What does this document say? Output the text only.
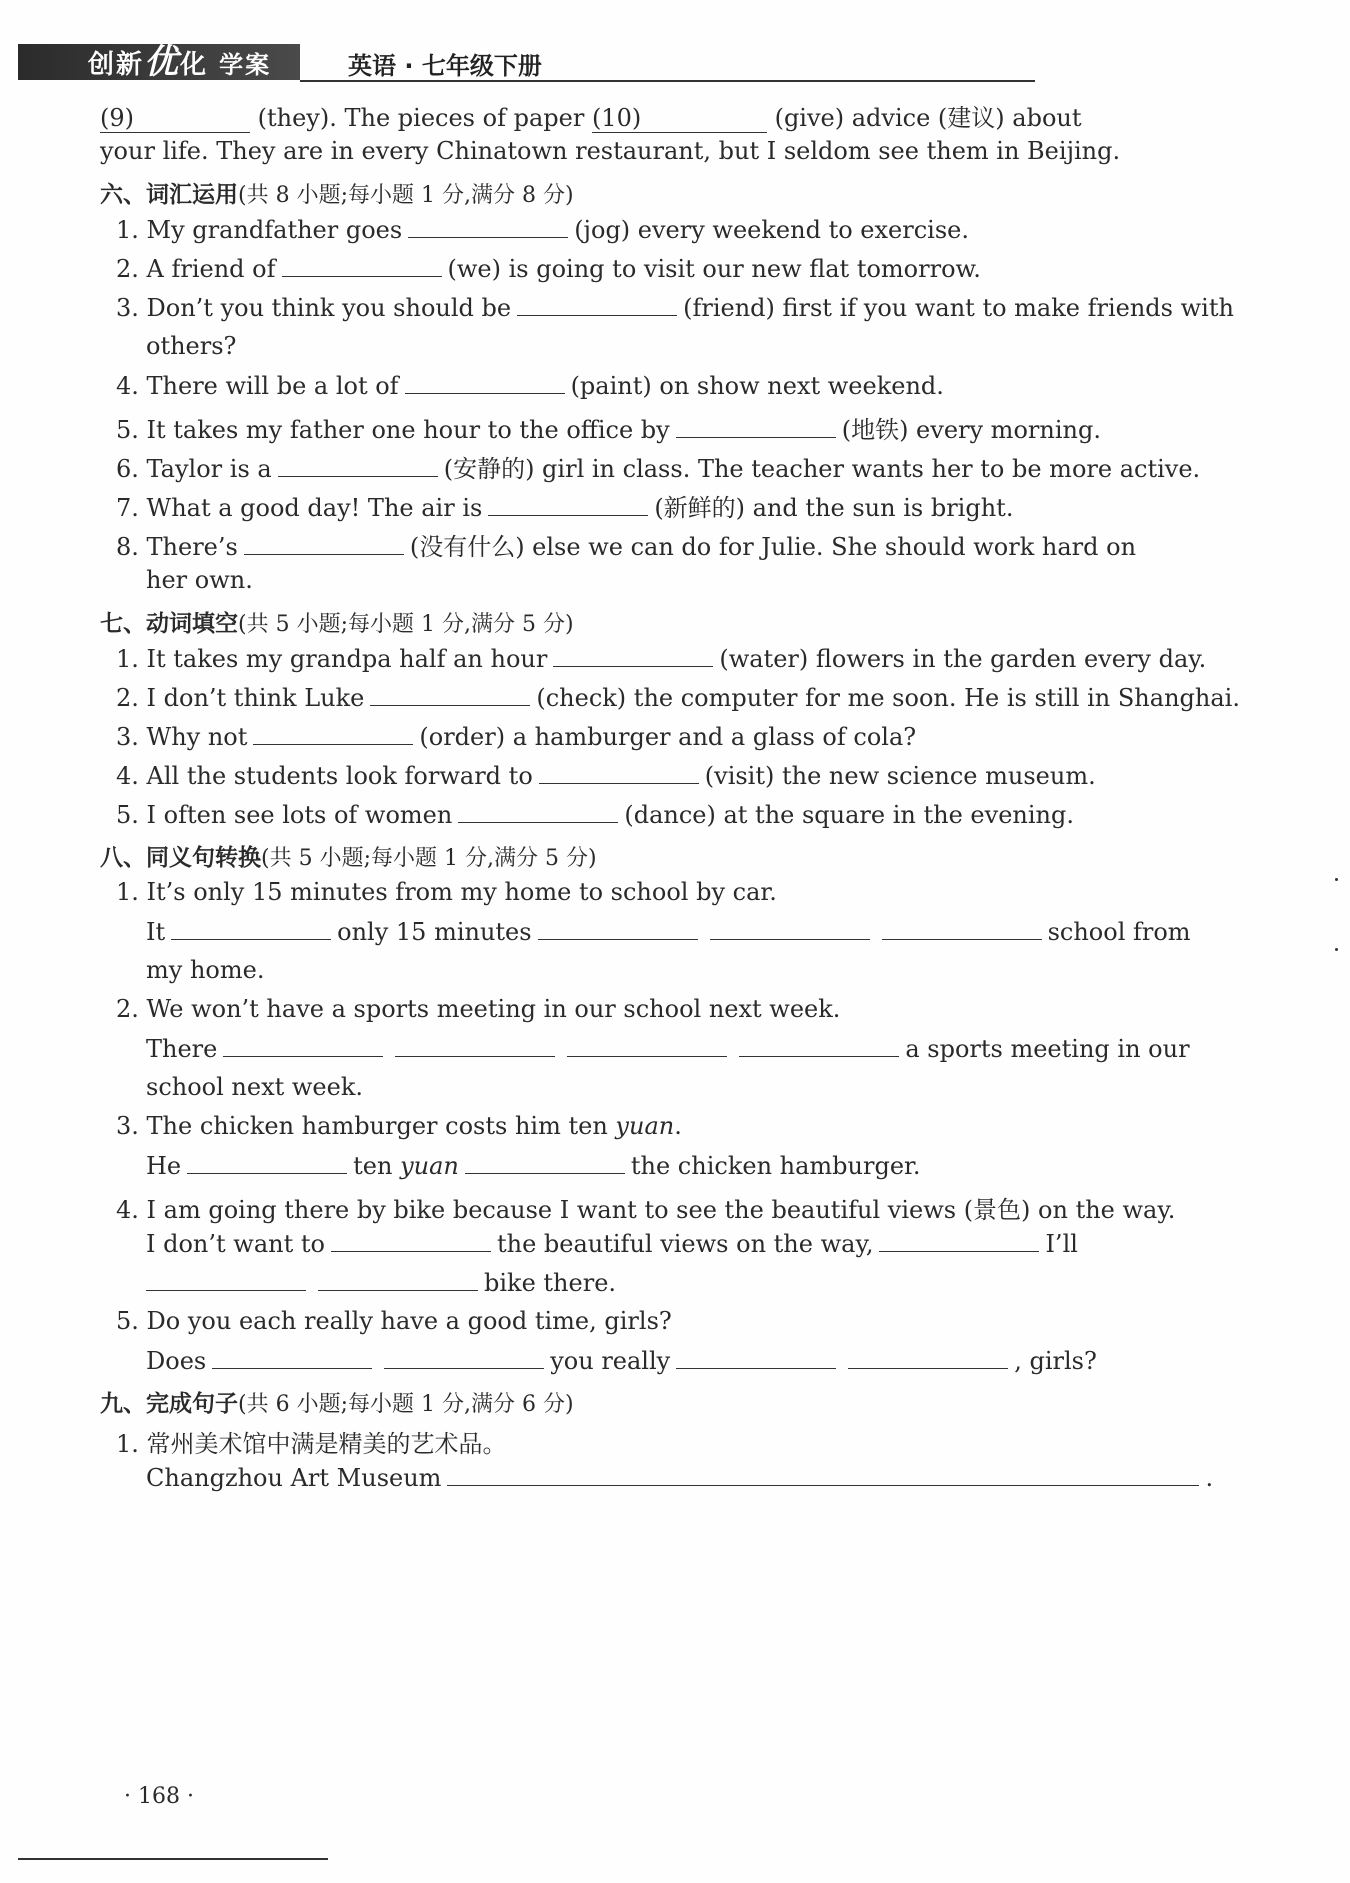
创新优化 学案	英语 · 七年级下册
(9)	(they). The pieces of paper (10)	(give) advice (建议) about
your life. They are in every Chinatown restaurant, but I seldom see them in Beijing.
六、词汇运用(共 8 小题;每小题 1 分,满分 8 分)
1. My grandfather goes	(jog) every weekend to exercise.
2. A friend of	(we) is going to visit our new flat tomorrow.
3. Don’t you think you should be	(friend) first if you want to make friends with
others?
4. There will be a lot of	(paint) on show next weekend.
5. It takes my father one hour to the office by	(地铁) every morning.
6. Taylor is a	(安静的) girl in class. The teacher wants her to be more active.
7. What a good day! The air is	(新鲜的) and the sun is bright.
8. There’s	(没有什么) else we can do for Julie. She should work hard on
her own.
七、动词填空(共 5 小题;每小题 1 分,满分 5 分)
1. It takes my grandpa half an hour	(water) flowers in the garden every day.
2. I don’t think Luke	(check) the computer for me soon. He is still in Shanghai.
3. Why not	(order) a hamburger and a glass of cola?
4. All the students look forward to	(visit) the new science museum.
5. I often see lots of women	(dance) at the square in the evening.
八、同义句转换(共 5 小题;每小题 1 分,满分 5 分)
1. It’s only 15 minutes from my home to school by car.
It	only 15 minutes	school from
my home.
2. We won’t have a sports meeting in our school next week.
There	a sports meeting in our
school next week.
3. The chicken hamburger costs him ten yuan.
He	ten yuan	the chicken hamburger.
4. I am going there by bike because I want to see the beautiful views (景色) on the way.
I don’t want to	the beautiful views on the way,	I’ll
bike there.
5. Do you each really have a good time, girls?
Does	you really	, girls?
九、完成句子(共 6 小题;每小题 1 分,满分 6 分)
1. 常州美术馆中满是精美的艺术品。
Changzhou Art Museum	.
· 168 ·
